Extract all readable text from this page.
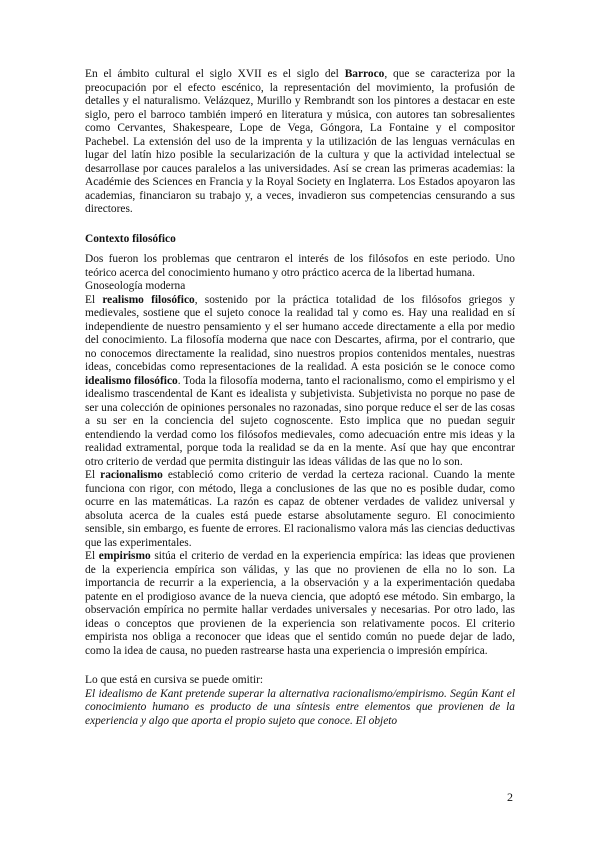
En el ámbito cultural el siglo XVII es el siglo del Barroco, que se caracteriza por la preocupación por el efecto escénico, la representación del movimiento, la profusión de detalles y el naturalismo. Velázquez, Murillo y Rembrandt son los pintores a destacar en este siglo, pero el barroco también imperó en literatura y música, con autores tan sobresalientes como Cervantes, Shakespeare, Lope de Vega, Góngora, La Fontaine y el compositor Pachebel. La extensión del uso de la imprenta y la utilización de las lenguas vernáculas en lugar del latín hizo posible la secularización de la cultura y que la actividad intelectual se desarrollase por cauces paralelos a las universidades. Así se crean las primeras academias: la Académie des Sciences en Francia y la Royal Society en Inglaterra. Los Estados apoyaron las academias, financiaron su trabajo y, a veces, invadieron sus competencias censurando a sus directores.

Contexto filosófico

Dos fueron los problemas que centraron el interés de los filósofos en este periodo. Uno teórico acerca del conocimiento humano y otro práctico acerca de la libertad humana.

Gnoseología moderna

El realismo filosófico, sostenido por la práctica totalidad de los filósofos griegos y medievales, sostiene que el sujeto conoce la realidad tal y como es. Hay una realidad en sí independiente de nuestro pensamiento y el ser humano accede directamente a ella por medio del conocimiento. La filosofía moderna que nace con Descartes, afirma, por el contrario, que no conocemos directamente la realidad, sino nuestros propios contenidos mentales, nuestras ideas, concebidas como representaciones de la realidad. A esta posición se le conoce como idealismo filosófico. Toda la filosofía moderna, tanto el racionalismo, como el empirismo y el idealismo trascendental de Kant es idealista y subjetivista. Subjetivista no porque no pase de ser una colección de opiniones personales no razonadas, sino porque reduce el ser de las cosas a su ser en la conciencia del sujeto cognoscente. Esto implica que no puedan seguir entendiendo la verdad como los filósofos medievales, como adecuación entre mis ideas y la realidad extramental, porque toda la realidad se da en la mente. Así que hay que encontrar otro criterio de verdad que permita distinguir las ideas válidas de las que no lo son.

El racionalismo estableció como criterio de verdad la certeza racional. Cuando la mente funciona con rigor, con método, llega a conclusiones de las que no es posible dudar, como ocurre en las matemáticas. La razón es capaz de obtener verdades de validez universal y absoluta acerca de la cuales está puede estarse absolutamente seguro. El conocimiento sensible, sin embargo, es fuente de errores. El racionalismo valora más las ciencias deductivas que las experimentales.

El empirismo sitúa el criterio de verdad en la experiencia empírica: las ideas que provienen de la experiencia empírica son válidas, y las que no provienen de ella no lo son. La importancia de recurrir a la experiencia, a la observación y a la experimentación quedaba patente en el prodigioso avance de la nueva ciencia, que adoptó ese método. Sin embargo, la observación empírica no permite hallar verdades universales y necesarias. Por otro lado, las ideas o conceptos que provienen de la experiencia son relativamente pocos. El criterio empirista nos obliga a reconocer que ideas que el sentido común no puede dejar de lado, como la idea de causa, no pueden rastrearse hasta una experiencia o impresión empírica.

Lo que está en cursiva se puede omitir:

El idealismo de Kant pretende superar la alternativa racionalismo/empirismo. Según Kant el conocimiento humano es producto de una síntesis entre elementos que provienen de la experiencia y algo que aporta el propio sujeto que conoce. El objeto

2
